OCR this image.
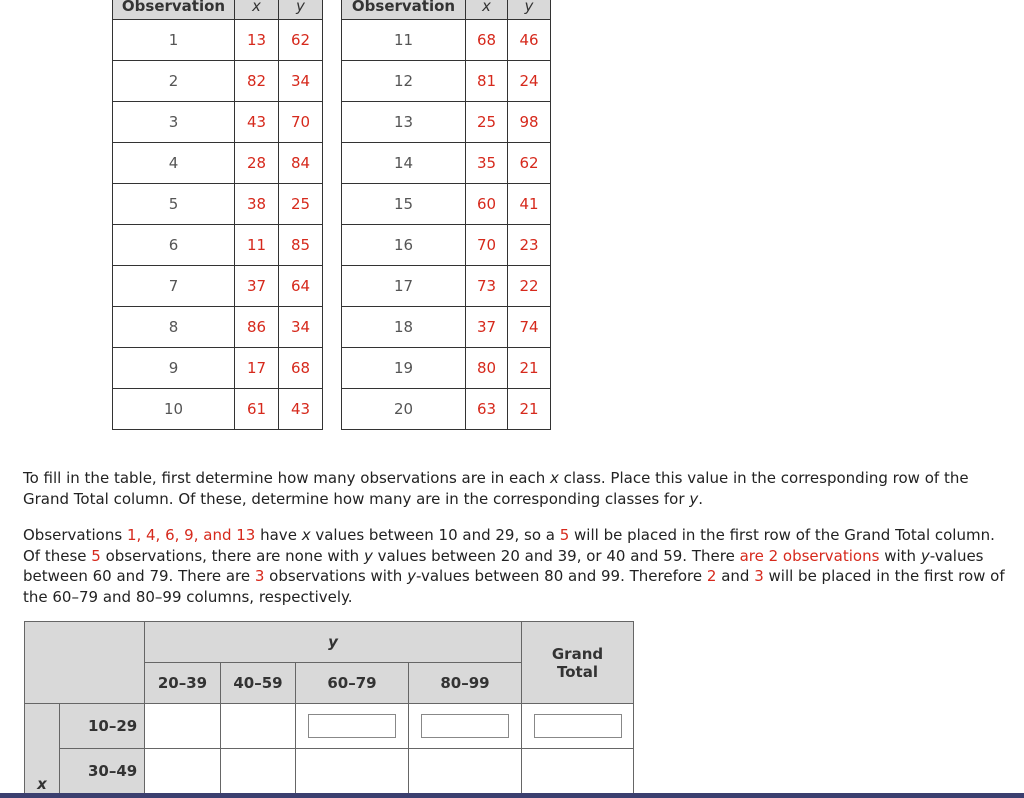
Observation	x	y
1	13	62
2	82	34
3	43	70
4	28	84
5	38	25
6	11	85
7	37	64
8	86	34
9	17	68
10	61	43
Observation	x	y
11	68	46
12	81	24
13	25	98
14	35	62
15	60	41
16	70	23
17	73	22
18	37	74
19	80	21
20	63	21

To fill in the table, first determine how many observations are in each x class. Place this value in the corresponding row of the Grand Total column. Of these, determine how many are in the corresponding classes for y.

Observations 1, 4, 6, 9, and 13 have x values between 10 and 29, so a 5 will be placed in the first row of the Grand Total column. Of these 5 observations, there are none with y values between 20 and 39, or 40 and 59. There are 2 observations with y-values between 60 and 79. There are 3 observations with y-values between 80 and 99. Therefore 2 and 3 will be placed in the first row of the 60–79 and 80–99 columns, respectively.

		y				Grand
Total
		20–39	40–59	60–79	80–99	
x	10–29					
	30–49					
